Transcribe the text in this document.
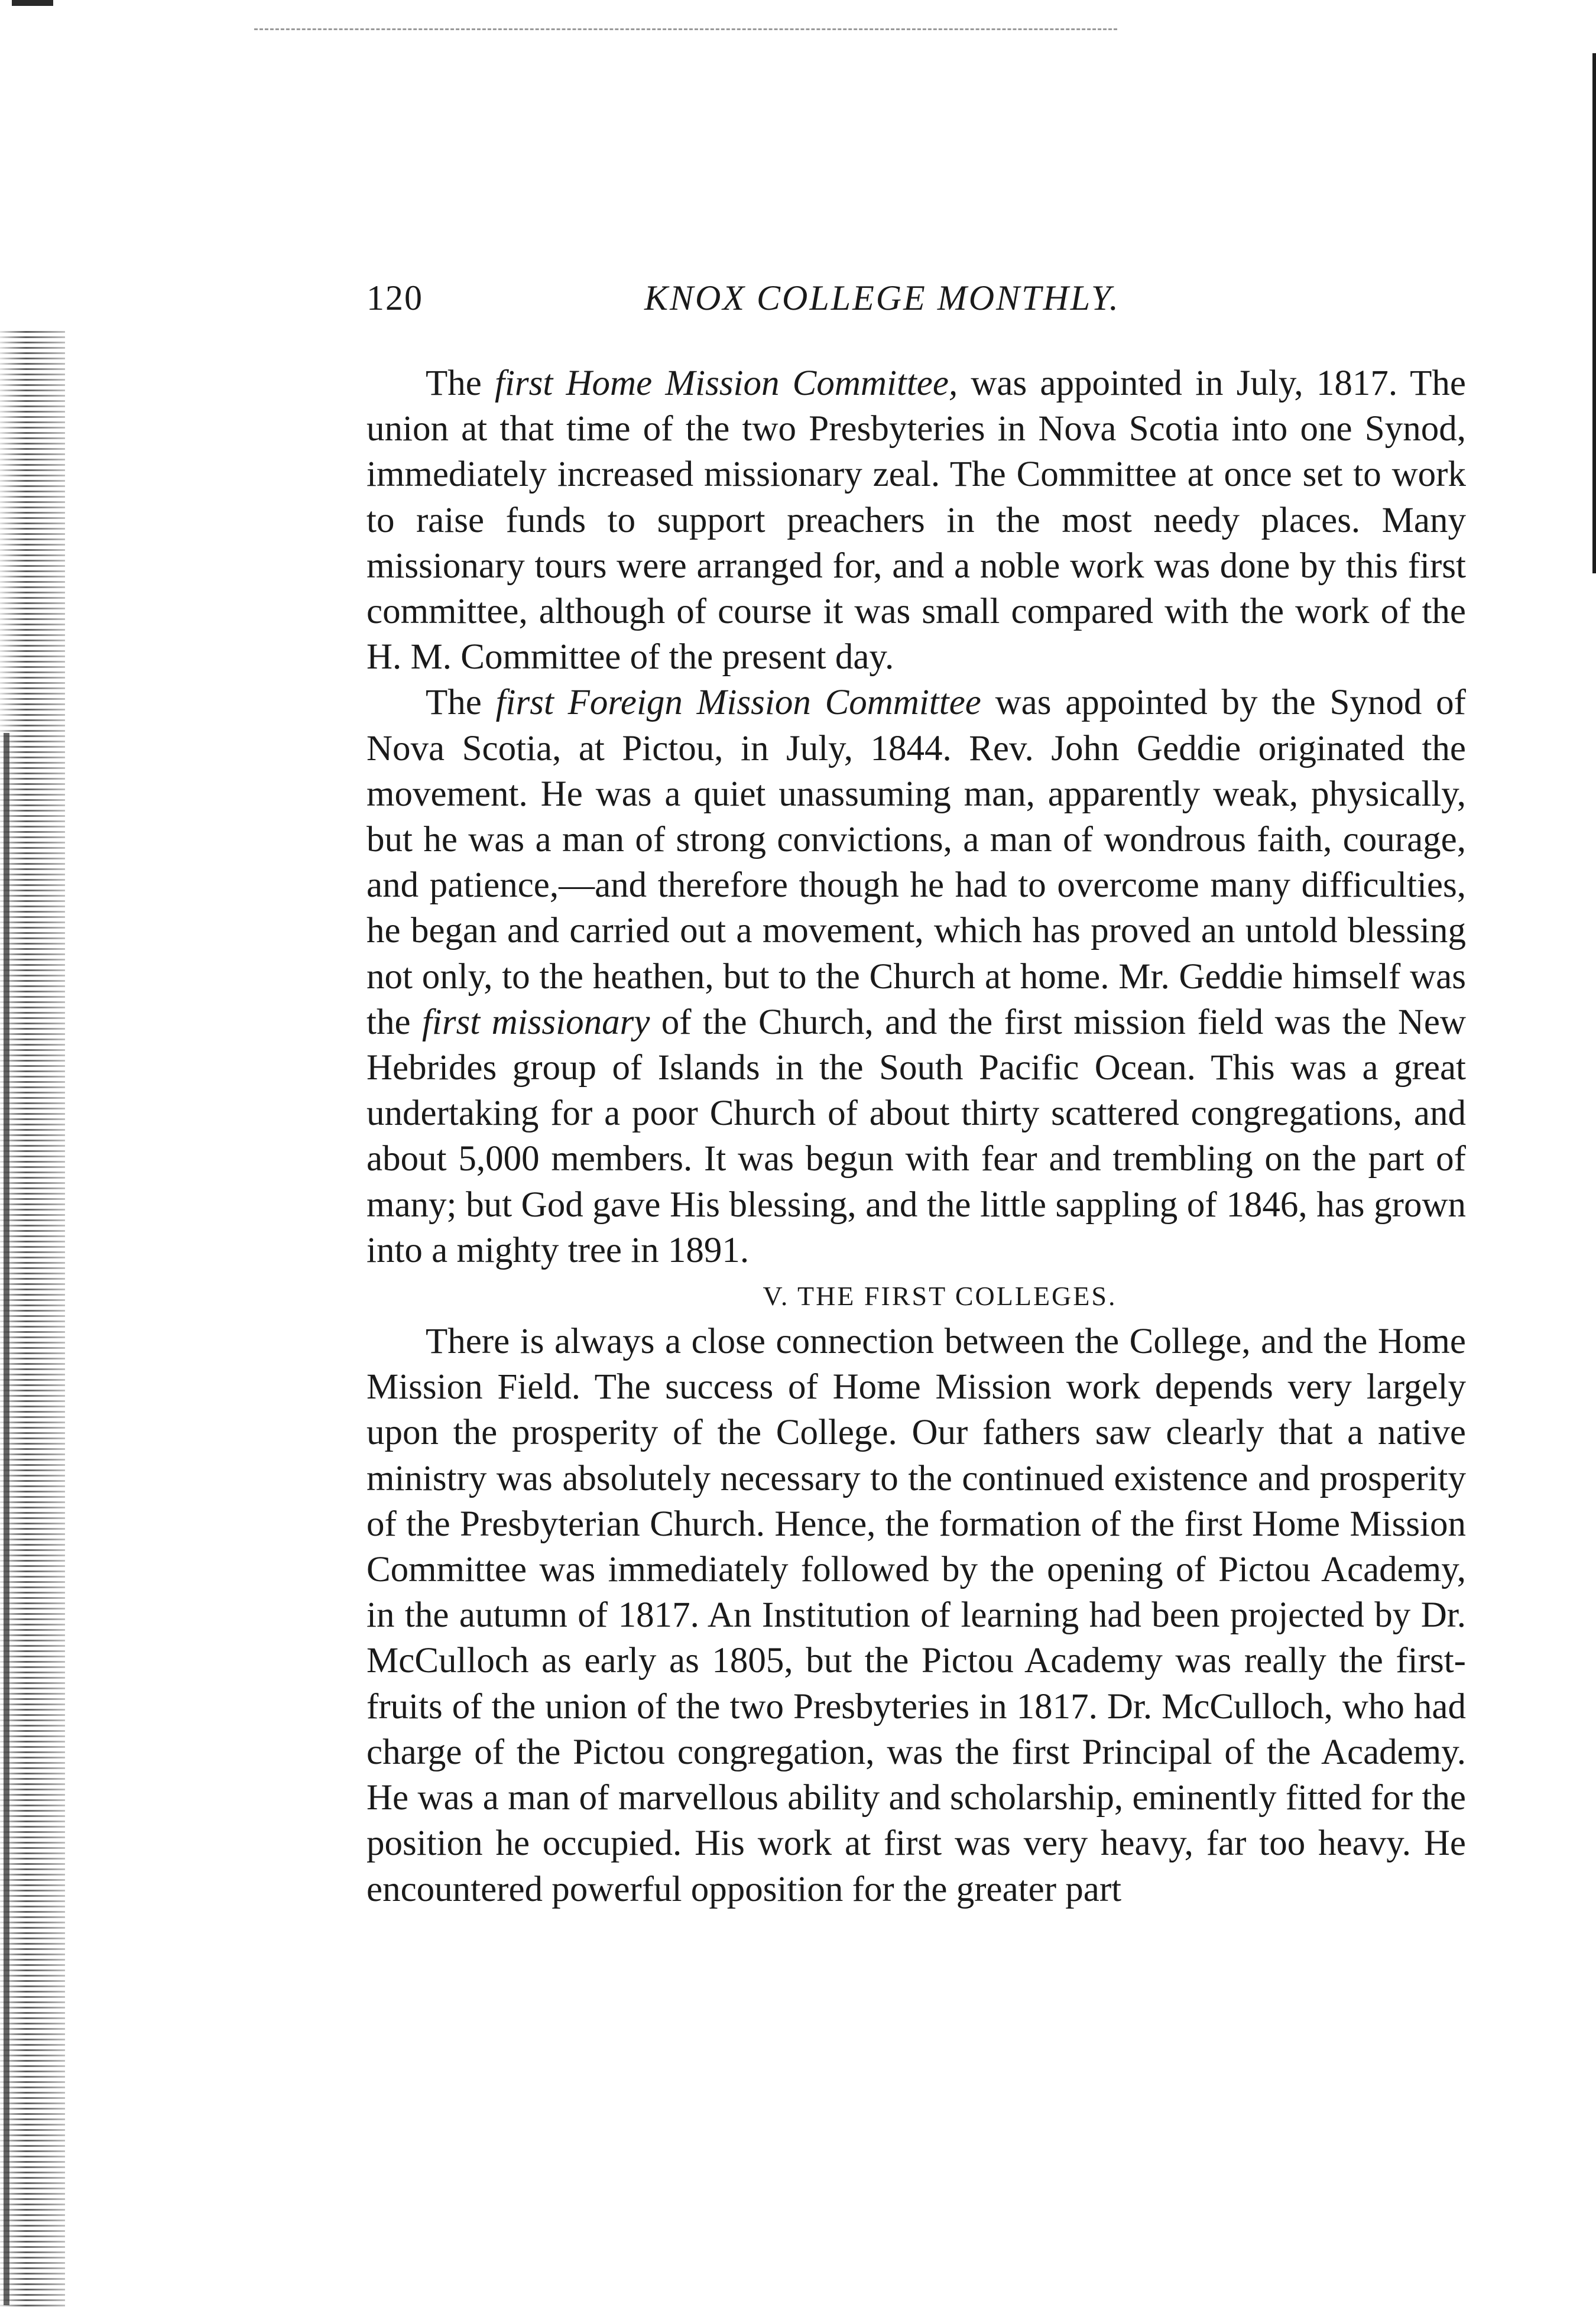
120	KNOX COLLEGE MONTHLY.

The first Home Mission Committee, was appointed in July, 1817. The union at that time of the two Presbyteries in Nova Scotia into one Synod, immediately increased missionary zeal. The Committee at once set to work to raise funds to support preachers in the most needy places. Many missionary tours were arranged for, and a noble work was done by this first committee, although of course it was small compared with the work of the H. M. Committee of the present day.

The first Foreign Mission Committee was appointed by the Synod of Nova Scotia, at Pictou, in July, 1844. Rev. John Geddie originated the movement. He was a quiet unassuming man, apparently weak, physically, but he was a man of strong convictions, a man of wondrous faith, courage, and patience,—and therefore though he had to overcome many difficulties, he began and carried out a movement, which has proved an untold blessing not only, to the heathen, but to the Church at home. Mr. Geddie himself was the first missionary of the Church, and the first mission field was the New Hebrides group of Islands in the South Pacific Ocean. This was a great undertaking for a poor Church of about thirty scattered congregations, and about 5,000 members. It was begun with fear and trembling on the part of many; but God gave His blessing, and the little sappling of 1846, has grown into a mighty tree in 1891.

V. THE FIRST COLLEGES.

There is always a close connection between the College, and the Home Mission Field. The success of Home Mission work depends very largely upon the prosperity of the College. Our fathers saw clearly that a native ministry was absolutely necessary to the continued existence and prosperity of the Presbyterian Church. Hence, the formation of the first Home Mission Committee was immediately followed by the opening of Pictou Academy, in the autumn of 1817. An Institution of learning had been projected by Dr. McCulloch as early as 1805, but the Pictou Academy was really the first-fruits of the union of the two Presbyteries in 1817. Dr. McCulloch, who had charge of the Pictou congregation, was the first Principal of the Academy. He was a man of marvellous ability and scholarship, eminently fitted for the position he occupied. His work at first was very heavy, far too heavy. He encountered powerful opposition for the greater part
